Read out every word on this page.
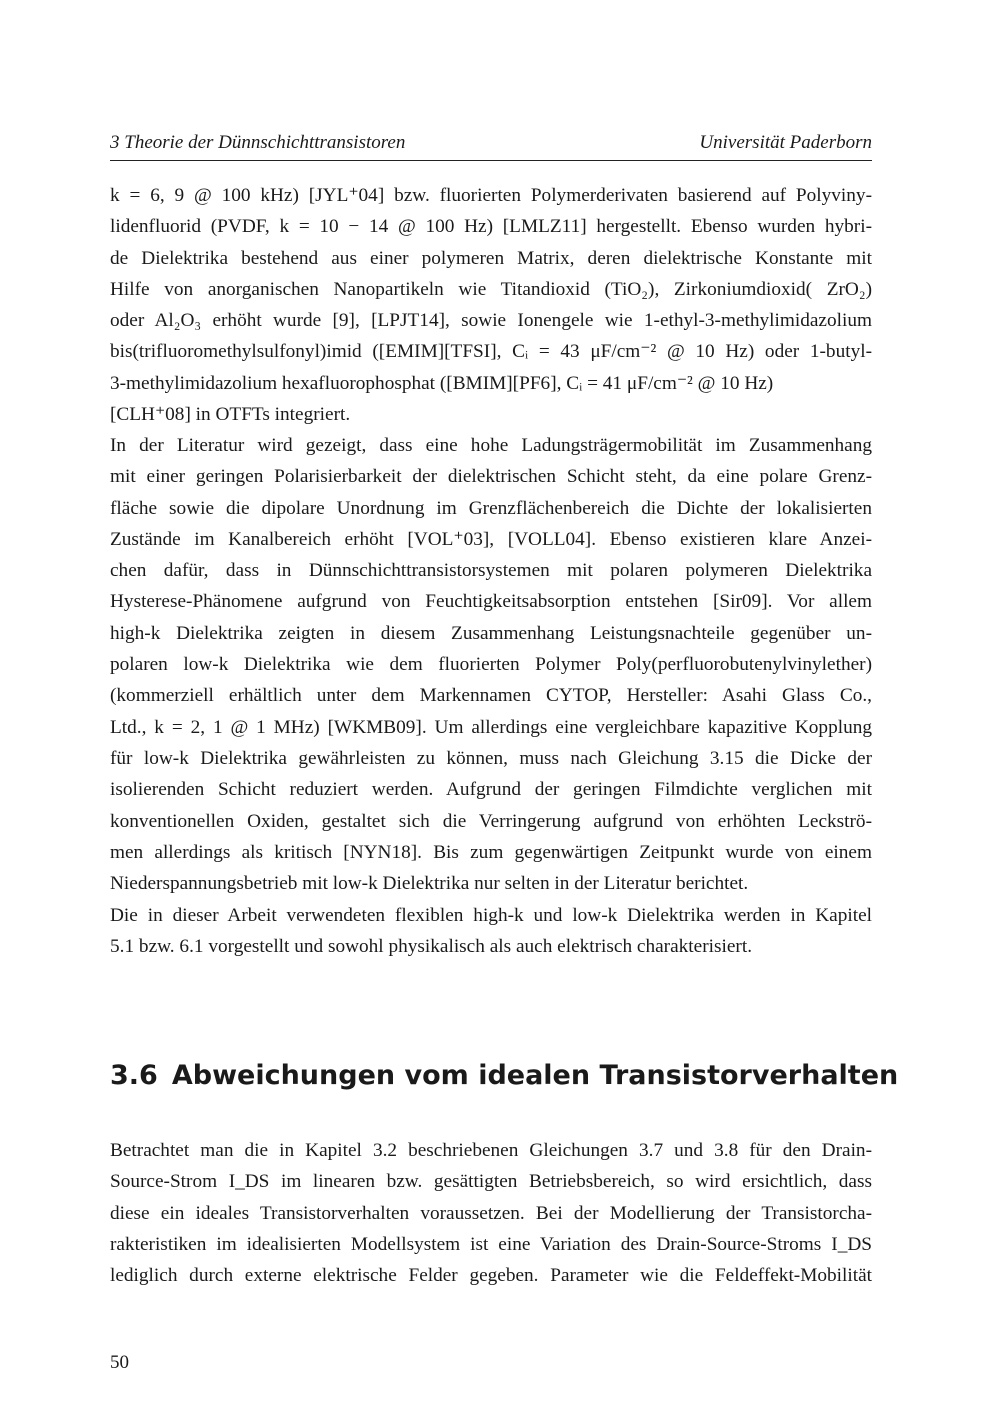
3 Theorie der Dünnschichttransistoren	Universität Paderborn
k = 6, 9 @ 100 kHz) [JYL⁺04] bzw. fluorierten Polymerderivaten basierend auf Polyviny-
lidenfluorid (PVDF, k = 10 − 14 @ 100 Hz) [LMLZ11] hergestellt. Ebenso wurden hybri-
de Dielektrika bestehend aus einer polymeren Matrix, deren dielektrische Konstante mit
Hilfe von anorganischen Nanopartikeln wie Titandioxid (TiO₂), Zirkoniumdioxid( ZrO₂)
oder Al₂O₃ erhöht wurde [9], [LPJT14], sowie Ionengele wie 1-ethyl-3-methylimidazolium
bis(trifluoromethylsulfonyl)imid ([EMIM][TFSI], Cᵢ = 43 μF/cm⁻² @ 10 Hz) oder 1-butyl-
3-methylimidazolium hexafluorophosphat ([BMIM][PF6], Cᵢ = 41 μF/cm⁻² @ 10 Hz)
[CLH⁺08] in OTFTs integriert.
In der Literatur wird gezeigt, dass eine hohe Ladungsträgermobilität im Zusammenhang
mit einer geringen Polarisierbarkeit der dielektrischen Schicht steht, da eine polare Grenz-
fläche sowie die dipolare Unordnung im Grenzflächenbereich die Dichte der lokalisierten
Zustände im Kanalbereich erhöht [VOL⁺03], [VOLL04]. Ebenso existieren klare Anzei-
chen dafür, dass in Dünnschichttransistorsystemen mit polaren polymeren Dielektrika
Hysterese-Phänomene aufgrund von Feuchtigkeitsabsorption entstehen [Sir09]. Vor allem
high-k Dielektrika zeigten in diesem Zusammenhang Leistungsnachteile gegenüber un-
polaren low-k Dielektrika wie dem fluorierten Polymer Poly(perfluorobutenylvinylether)
(kommerziell erhältlich unter dem Markennamen CYTOP, Hersteller: Asahi Glass Co.,
Ltd., k = 2, 1 @ 1 MHz) [WKMB09]. Um allerdings eine vergleichbare kapazitive Kopplung
für low-k Dielektrika gewährleisten zu können, muss nach Gleichung 3.15 die Dicke der
isolierenden Schicht reduziert werden. Aufgrund der geringen Filmdichte verglichen mit
konventionellen Oxiden, gestaltet sich die Verringerung aufgrund von erhöhten Leckströ-
men allerdings als kritisch [NYN18]. Bis zum gegenwärtigen Zeitpunkt wurde von einem
Niederspannungsbetrieb mit low-k Dielektrika nur selten in der Literatur berichtet.
Die in dieser Arbeit verwendeten flexiblen high-k und low-k Dielektrika werden in Kapitel
5.1 bzw. 6.1 vorgestellt und sowohl physikalisch als auch elektrisch charakterisiert.
3.6 Abweichungen vom idealen Transistorverhalten
Betrachtet man die in Kapitel 3.2 beschriebenen Gleichungen 3.7 und 3.8 für den Drain-
Source-Strom I_DS im linearen bzw. gesättigten Betriebsbereich, so wird ersichtlich, dass
diese ein ideales Transistorverhalten voraussetzen. Bei der Modellierung der Transistorcha-
rakteristiken im idealisierten Modellsystem ist eine Variation des Drain-Source-Stroms I_DS
lediglich durch externe elektrische Felder gegeben. Parameter wie die Feldeffekt-Mobilität
50
